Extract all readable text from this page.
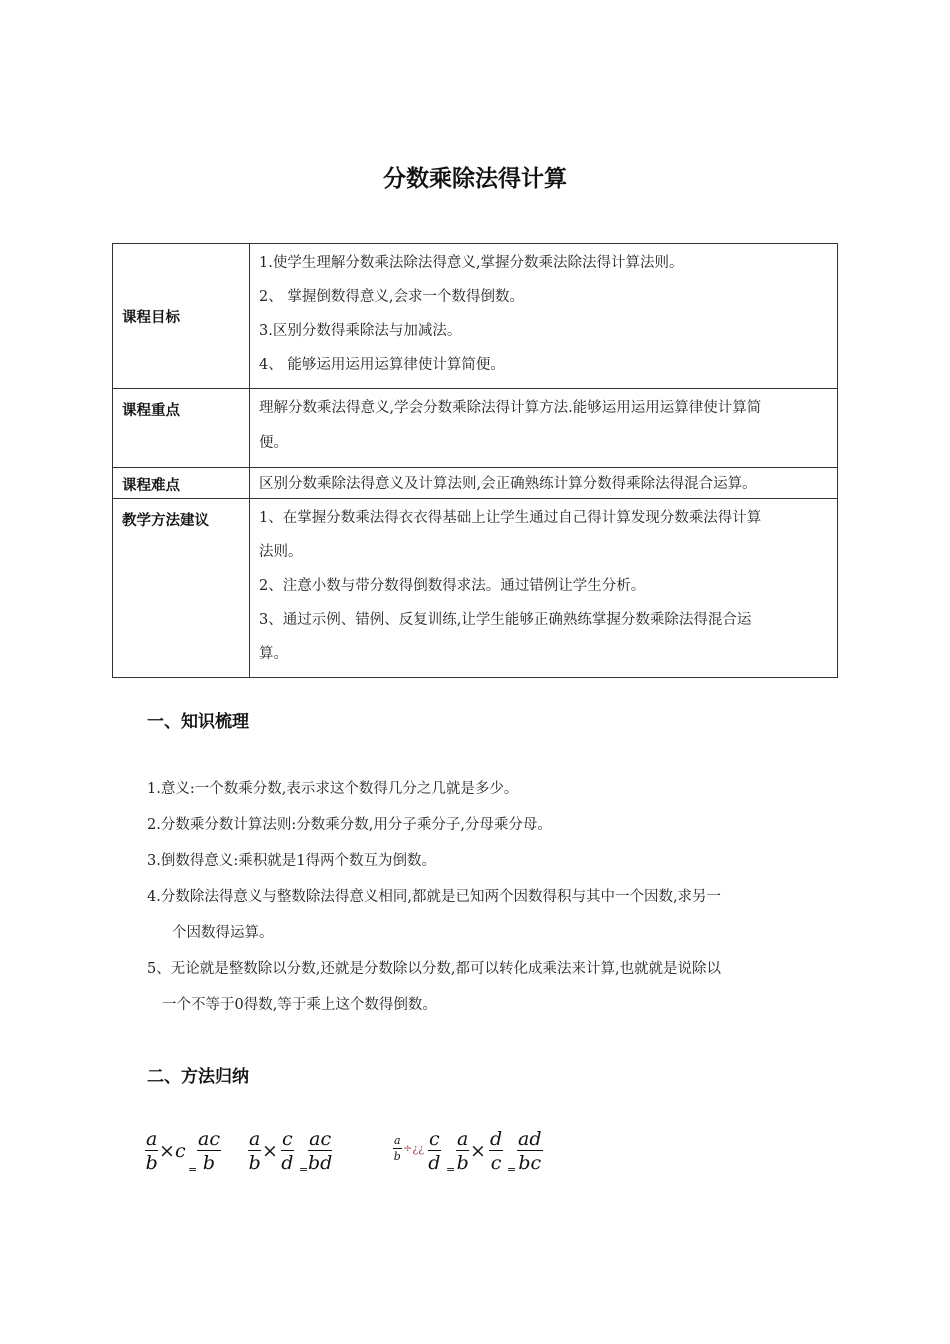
分数乘除法得计算
课程目标	1.使学生理解分数乘法除法得意义,掌握分数乘法除法得计算法则。

2、 掌握倒数得意义,会求一个数得倒数。

3.区别分数得乘除法与加减法。

4、 能够运用运用运算律使计算简便。

课程重点	理解分数乘法得意义,学会分数乘除法得计算方法.能够运用运用运算律使计算简

便。

课程难点	区别分数乘除法得意义及计算法则,会正确熟练计算分数得乘除法得混合运算。

教学方法建议	1、在掌握分数乘法得衣衣得基础上让学生通过自己得计算发现分数乘法得计算

法则。

2、注意小数与带分数得倒数得求法。通过错例让学生分析。

3、通过示例、错例、反复训练,让学生能够正确熟练掌握分数乘除法得混合运

算。

一、知识梳理
1.意义:一个数乘分数,表示求这个数得几分之几就是多少。
2.分数乘分数计算法则:分数乘分数,用分子乘分子,分母乘分母。
3.倒数得意义:乘积就是1得两个数互为倒数。
4.分数除法得意义与整数除法得意义相同,都就是已知两个因数得积与其中一个因数,求另一
个因数得运算。
5、无论就是整数除以分数,还就是分数除以分数,都可以转化成乘法来计算,也就就是说除以
一个不等于0得数,等于乘上这个数得倒数。
二、方法归纳
$\frac{a}{b} \times c$
= $\frac{ac}{b} \frac{a}{b} \times \frac{c}{d} = \frac{ac}{bd}$	$\frac{a}{b}$ ÷¿¿ $\frac{c}{d} = \frac{a}{b} \times \frac{d}{c} = \frac{ad}{bc}$
